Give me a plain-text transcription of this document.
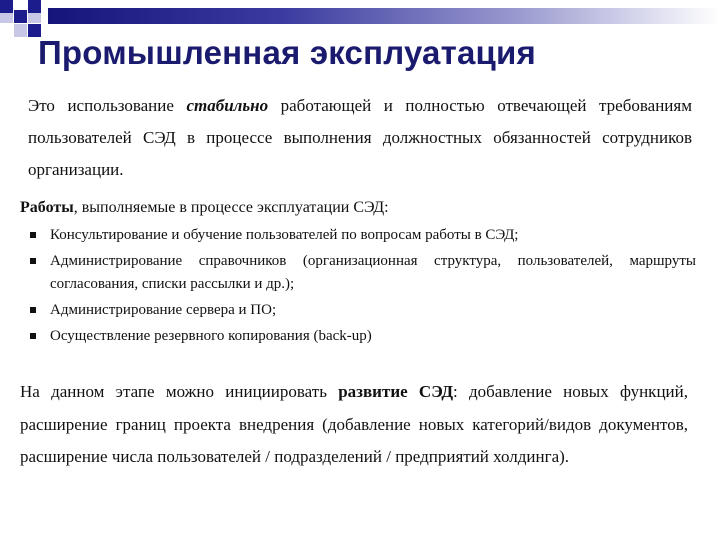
Промышленная эксплуатация
Это использование стабильно работающей и полностью отвечающей требованиям пользователей СЭД в процессе выполнения должностных обязанностей сотрудников организации.
Работы, выполняемые в процессе эксплуатации СЭД:
Консультирование и обучение пользователей по вопросам работы в СЭД;
Администрирование справочников (организационная структура, пользователей, маршруты согласования, списки рассылки и др.);
Администрирование сервера и ПО;
Осуществление резервного копирования (back-up)
На данном этапе можно инициировать развитие СЭД: добавление новых функций, расширение границ проекта внедрения (добавление новых категорий/видов документов, расширение числа пользователей / подразделений / предприятий холдинга).
